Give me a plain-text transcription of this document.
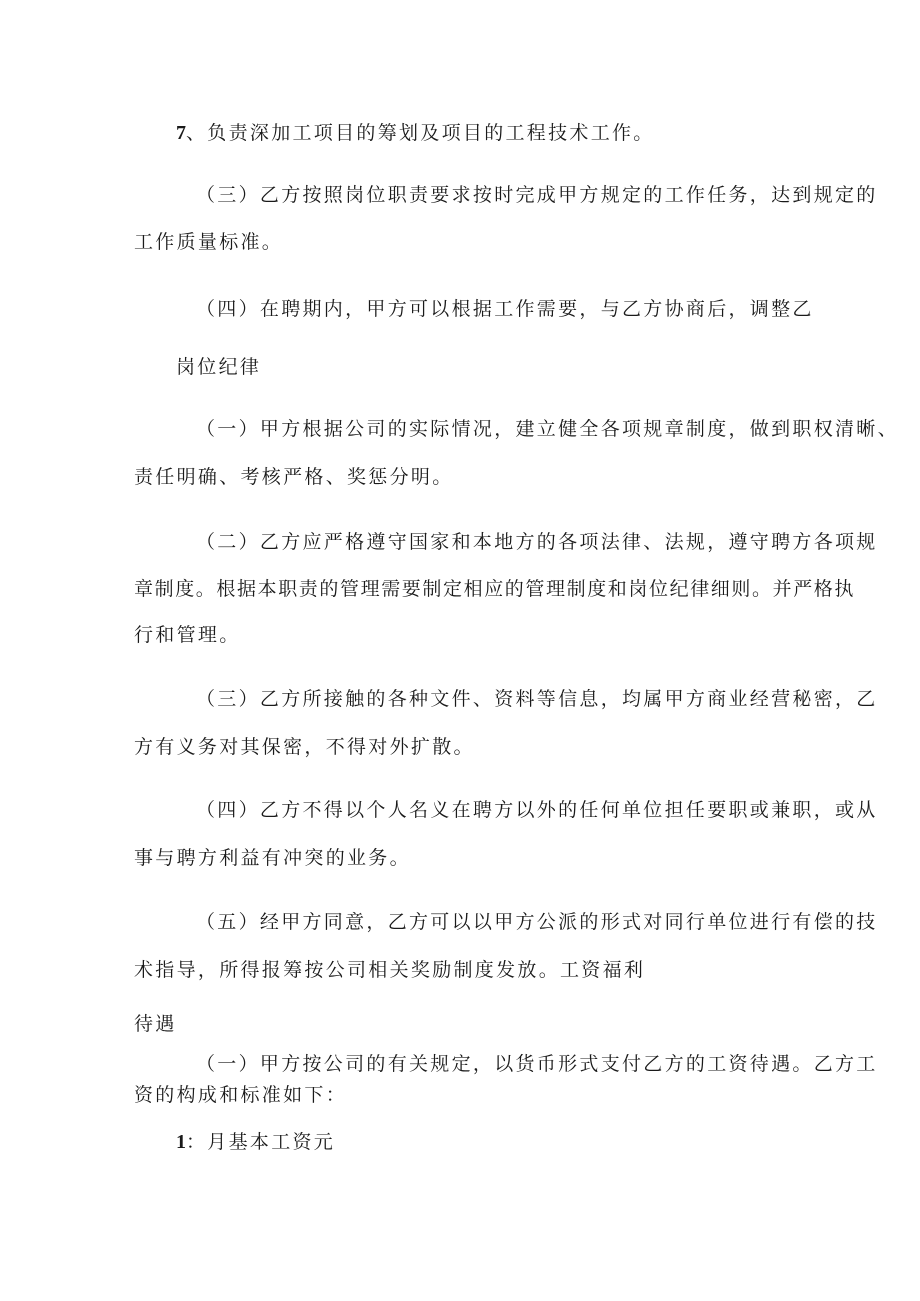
7、负责深加工项目的筹划及项目的工程技术工作。
（三）乙方按照岗位职责要求按时完成甲方规定的工作任务，达到规定的
工作质量标准。
（四）在聘期内，甲方可以根据工作需要，与乙方协商后，调整乙
岗位纪律
（一）甲方根据公司的实际情况，建立健全各项规章制度，做到职权清晰、
责任明确、考核严格、奖惩分明。
（二）乙方应严格遵守国家和本地方的各项法律、法规，遵守聘方各项规
章制度。根据本职责的管理需要制定相应的管理制度和岗位纪律细则。并严格执
行和管理。
（三）乙方所接触的各种文件、资料等信息，均属甲方商业经营秘密，乙
方有义务对其保密，不得对外扩散。
（四）乙方不得以个人名义在聘方以外的任何单位担任要职或兼职，或从
事与聘方利益有冲突的业务。
（五）经甲方同意，乙方可以以甲方公派的形式对同行单位进行有偿的技
术指导，所得报筹按公司相关奖励制度发放。工资福利
待遇
（一）甲方按公司的有关规定，以货币形式支付乙方的工资待遇。乙方工
资的构成和标准如下：
1：月基本工资元
